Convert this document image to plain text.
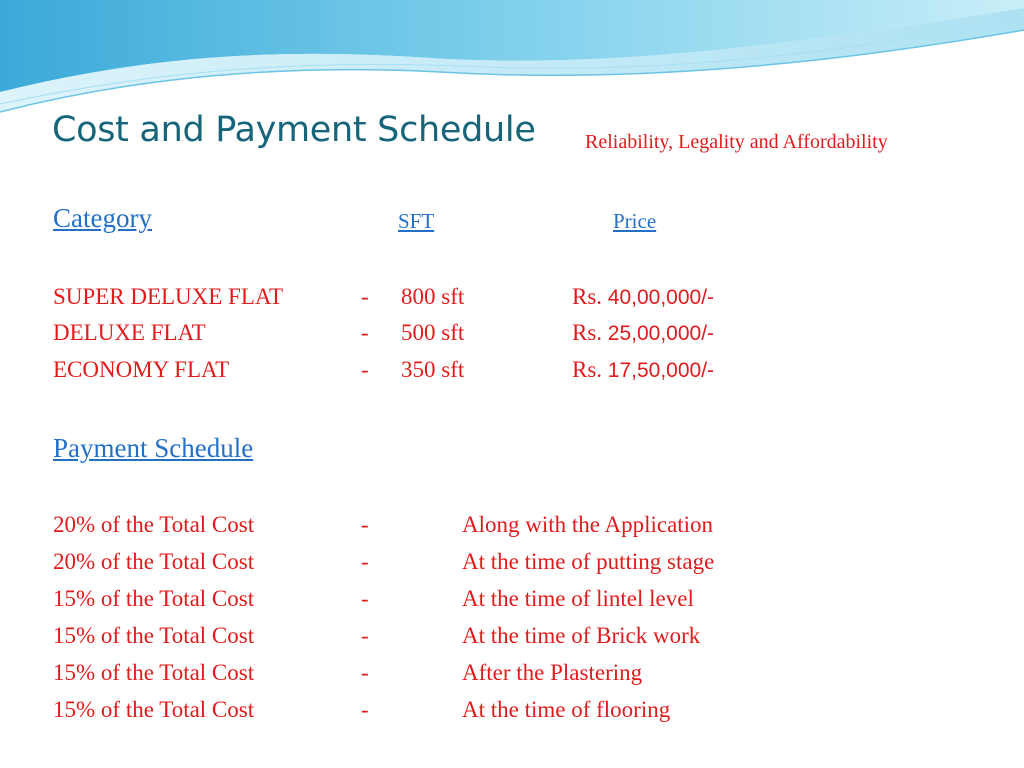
Cost and Payment Schedule Reliability, Legality and Affordability
Category	SFT	Price
SUPER DELUXE FLAT	- 800 sft	Rs. 40,00,000/-
DELUXE FLAT	- 500 sft	Rs. 25,00,000/-
ECONOMY FLAT	- 350 sft	Rs. 17,50,000/-
Payment Schedule
20% of the Total Cost	-	Along with the Application
20% of the Total Cost	-	At the time of putting stage
15% of the Total Cost	-	At the time of lintel level
15% of the Total Cost	-	At the time of Brick work
15% of the Total Cost	-	After the Plastering
15% of the Total Cost	-	At the time of flooring
